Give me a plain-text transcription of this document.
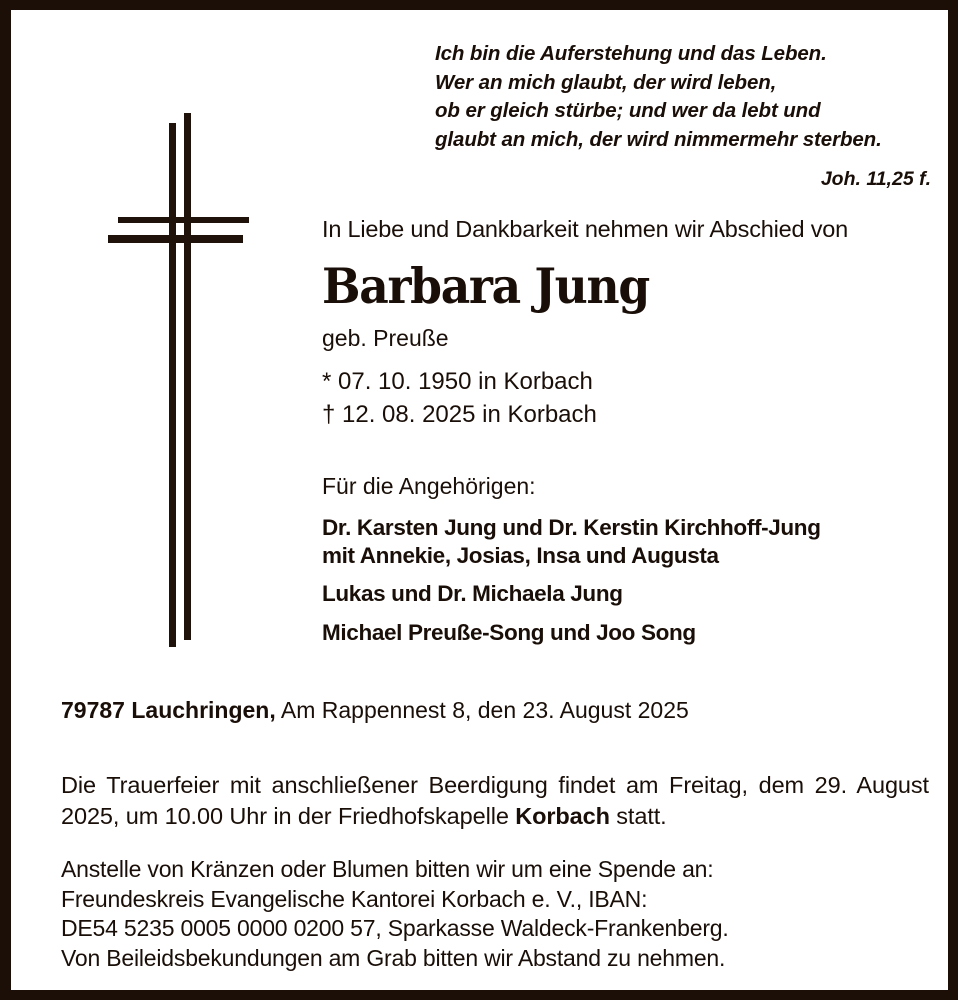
Ich bin die Auferstehung und das Leben.
Wer an mich glaubt, der wird leben,
ob er gleich stürbe; und wer da lebt und
glaubt an mich, der wird nimmermehr sterben.
Joh. 11,25 f.
In Liebe und Dankbarkeit nehmen wir Abschied von
Barbara Jung
geb. Preuße
* 07. 10. 1950 in Korbach
† 12. 08. 2025 in Korbach
Für die Angehörigen:
Dr. Karsten Jung und Dr. Kerstin Kirchhoff-Jung
mit Annekie, Josias, Insa und Augusta
Lukas und Dr. Michaela Jung
Michael Preuße-Song und Joo Song
79787 Lauchringen, Am Rappennest 8, den 23. August 2025
Die Trauerfeier mit anschließener Beerdigung findet am Freitag, dem 29. August 2025, um 10.00 Uhr in der Friedhofskapelle Korbach statt.
Anstelle von Kränzen oder Blumen bitten wir um eine Spende an:
Freundeskreis Evangelische Kantorei Korbach e. V., IBAN:
DE54 5235 0005 0000 0200 57, Sparkasse Waldeck-Frankenberg.
Von Beileidsbekundungen am Grab bitten wir Abstand zu nehmen.
